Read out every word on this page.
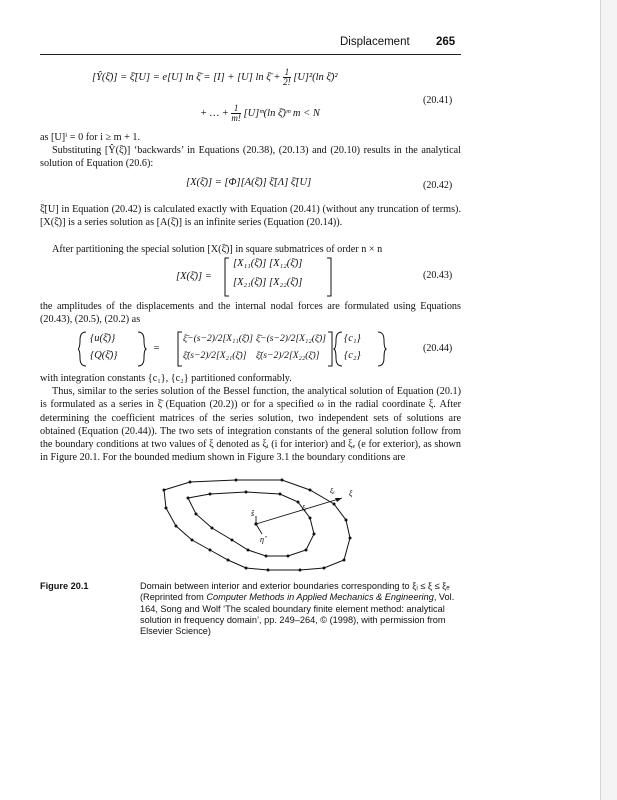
Displacement 265
[Ŷ(ξ̄)] = ξ̄[U] = e[U] ln ξ̄ = [I] + [U] ln ξ̄ + $\frac{1}{2!} [U]^2(\ln$ ξ̄)²
+ … + $\frac{1}{m!}$ [U]ᵐ(ln ξ̄)ᵐ m < N
(20.41)
as [U]ⁱ = 0 for i ≥ m + 1.
Substituting [Ŷ(ξ̄)] ‘backwards’ in Equations (20.38), (20.13) and (20.10) results in the analytical solution of Equation (20.6):
[X(ξ̄)] = [Φ][A(ξ̄)] ξ̄[Λ] ξ̄[U]	(20.42)
ξ̄[U] in Equation (20.42) is calculated exactly with Equation (20.41) (without any truncation of terms). [X(ξ̄)] is a series solution as [A(ξ̄)] is an infinite series (Equation (20.14)).
After partitioning the special solution [X(ξ̄)] in square submatrices of order n × n
[X(ξ̄)] =
[X₁₁(ξ̄)] [X₁₂(ξ̄)]
[X₂₁(ξ̄)] [X₂₂(ξ̄)]
(20.43)
the amplitudes of the displacements and the internal nodal forces are formulated using Equations (20.43), (20.5), (20.2) as
{u(ξ̄)}
{Q(ξ̄)}
=
ξ̄−(s−2)/2[X₁₁(ξ̄)] ξ̄−(s−2)/2[X₁₂(ξ̄)]
ξ̄(s−2)/2[X₂₁(ξ̄)] ξ̄(s−2)/2[X₂₂(ξ̄)]
{c₁}
{c₂}
(20.44)
with integration constants {c₁}, {c₂} partitioned conformably.
Thus, similar to the series solution of the Bessel function, the analytical solution of Equation (20.1) is formulated as a series in ξ̄ (Equation (20.2)) or for a specified ω in the radial coordinate ξ. After determining the coefficient matrices of the series solution, two independent sets of solutions are obtained (Equation (20.44)). The two sets of integration constants of the general solution follow from the boundary conditions at two values of ξ denoted as ξᵢ (i for interior) and ξₑ (e for exterior), as shown in Figure 20.1. For the bounded medium shown in Figure 3.1 the boundary conditions are
ŝ
ξᵢ
ξₑ ξ
η̂
Figure 20.1	Domain between interior and exterior boundaries corresponding to ξᵢ ≤ ξ ≤ ξₑ (Reprinted from Computer Methods in Applied Mechanics & Engineering, Vol. 164, Song and Wolf ‘The scaled boundary finite element method: analytical solution in frequency domain’, pp. 249–264, © (1998), with permission from Elsevier Science)
